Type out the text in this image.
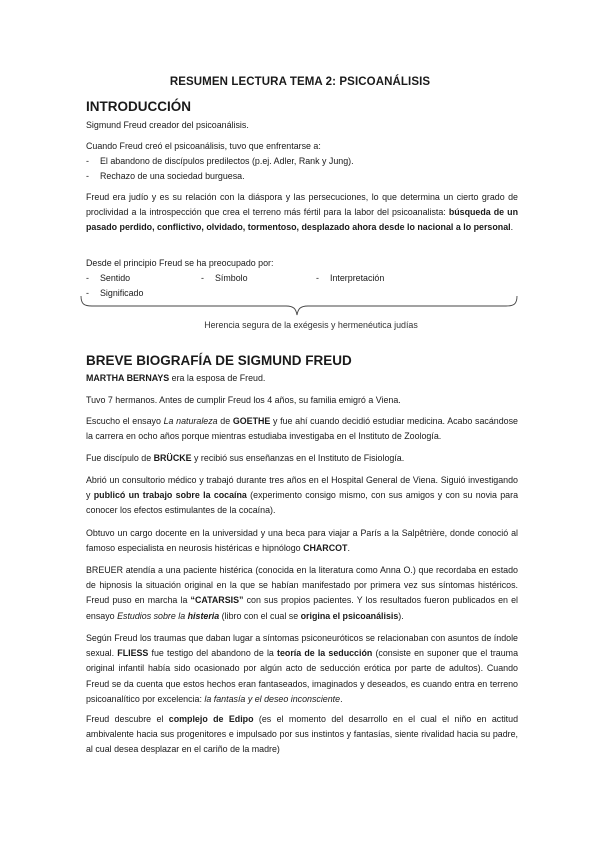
RESUMEN LECTURA TEMA 2: PSICOANÁLISIS
INTRODUCCIÓN
Sigmund Freud creador del psicoanálisis.
Cuando Freud creó el psicoanálisis, tuvo que enfrentarse a:
- El abandono de discípulos predilectos (p.ej. Adler, Rank y Jung).
- Rechazo de una sociedad burguesa.
Freud era judío y es su relación con la diáspora y las persecuciones, lo que determina un cierto grado de proclividad a la introspección que crea el terreno más fértil para la labor del psicoanalista: búsqueda de un pasado perdido, conflictivo, olvidado, tormentoso, desplazado ahora desde lo nacional a lo personal.
Desde el principio Freud se ha preocupado por:
- Sentido	- Símbolo	- Interpretación
- Significado
Herencia segura de la exégesis y hermenéutica judías
BREVE BIOGRAFÍA DE SIGMUND FREUD
MARTHA BERNAYS era la esposa de Freud.
Tuvo 7 hermanos. Antes de cumplir Freud los 4 años, su familia emigró a Viena.
Escucho el ensayo La naturaleza de GOETHE y fue ahí cuando decidió estudiar medicina. Acabo sacándose la carrera en ocho años porque mientras estudiaba investigaba en el Instituto de Zoología.
Fue discípulo de BRÜCKE y recibió sus enseñanzas en el Instituto de Fisiología.
Abrió un consultorio médico y trabajó durante tres años en el Hospital General de Viena. Siguió investigando y publicó un trabajo sobre la cocaína (experimento consigo mismo, con sus amigos y con su novia para conocer los efectos estimulantes de la cocaína).
Obtuvo un cargo docente en la universidad y una beca para viajar a París a la Salpêtrière, donde conoció al famoso especialista en neurosis histéricas e hipnólogo CHARCOT.
BREUER atendía a una paciente histérica (conocida en la literatura como Anna O.) que recordaba en estado de hipnosis la situación original en la que se habían manifestado por primera vez sus síntomas histéricos. Freud puso en marcha la “CATARSIS” con sus propios pacientes. Y los resultados fueron publicados en el ensayo Estudios sobre la histeria (libro con el cual se origina el psicoanálisis).
Según Freud los traumas que daban lugar a síntomas psiconeuróticos se relacionaban con asuntos de índole sexual. FLIESS fue testigo del abandono de la teoría de la seducción (consiste en suponer que el trauma original infantil había sido ocasionado por algún acto de seducción erótica por parte de adultos). Cuando Freud se da cuenta que estos hechos eran fantaseados, imaginados y deseados, es cuando entra en terreno psicoanalítico por excelencia: la fantasía y el deseo inconsciente.
Freud descubre el complejo de Edipo (es el momento del desarrollo en el cual el niño en actitud ambivalente hacia sus progenitores e impulsado por sus instintos y fantasías, siente rivalidad hacia su padre, al cual desea desplazar en el cariño de la madre)
